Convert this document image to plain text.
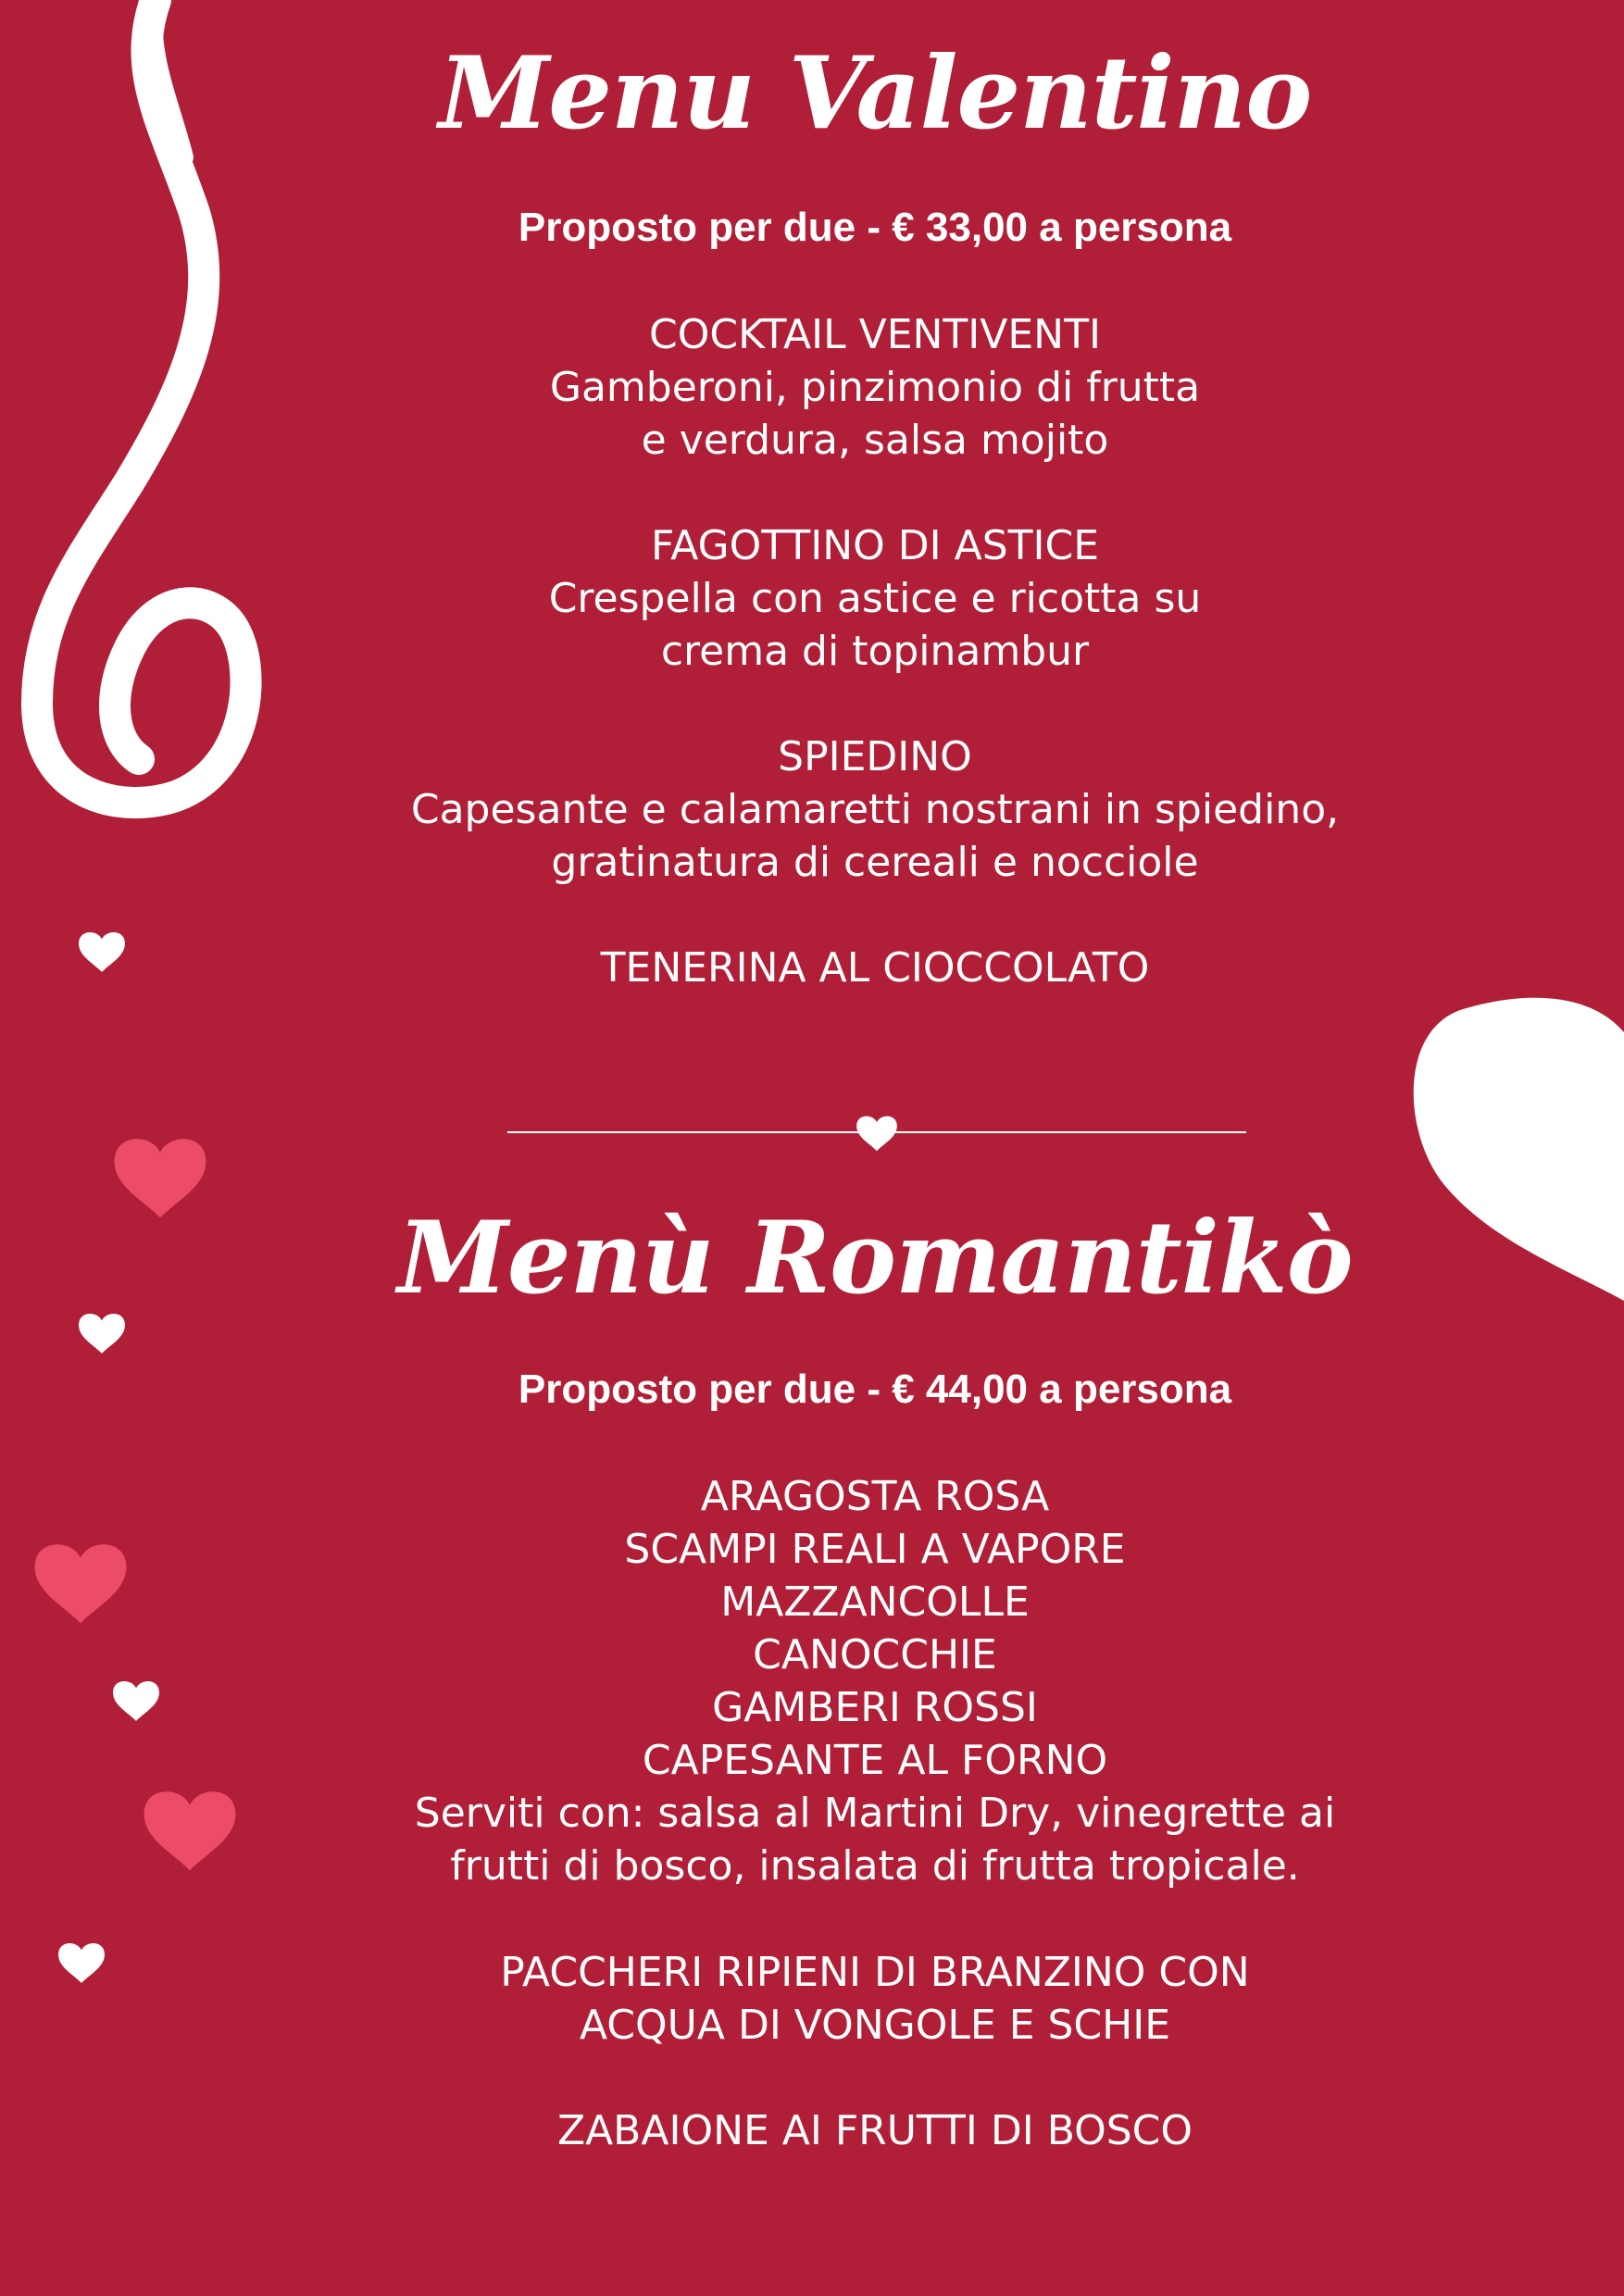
Menu Valentino

Proposto per due - € 33,00 a persona

COCKTAIL VENTIVENTI
Gamberoni, pinzimonio di frutta
e verdura, salsa mojito
FAGOTTINO DI ASTICE
Crespella con astice e ricotta su
crema di topinambur
SPIEDINO
Capesante e calamaretti nostrani in spiedino,
gratinatura di cereali e nocciole
TENERINA AL CIOCCOLATO
Menù Romantikò

Proposto per due - € 44,00 a persona

ARAGOSTA ROSA
SCAMPI REALI A VAPORE
MAZZANCOLLE
CANOCCHIE
GAMBERI ROSSI
CAPESANTE AL FORNO
Serviti con: salsa al Martini Dry, vinegrette ai
frutti di bosco, insalata di frutta tropicale.
PACCHERI RIPIENI DI BRANZINO CON
ACQUA DI VONGOLE E SCHIE
ZABAIONE AI FRUTTI DI BOSCO
